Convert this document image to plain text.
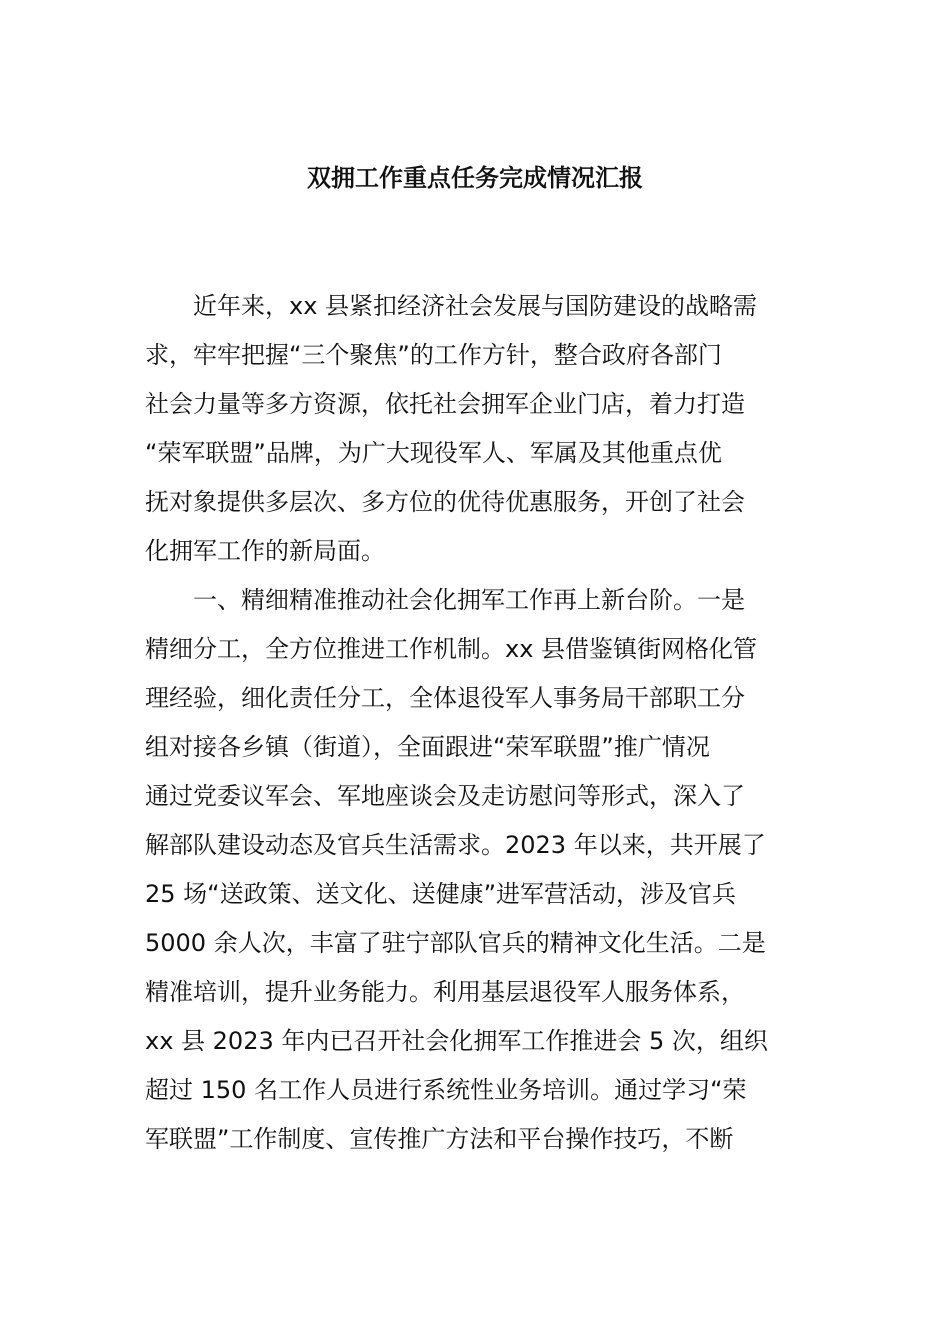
双拥工作重点任务完成情况汇报
近年来，xx 县紧扣经济社会发展与国防建设的战略需
求，牢牢把握“三个聚焦”的工作方针，整合政府各部门
社会力量等多方资源，依托社会拥军企业门店，着力打造
“荣军联盟”品牌，为广大现役军人、军属及其他重点优
抚对象提供多层次、多方位的优待优惠服务，开创了社会
化拥军工作的新局面。
一、精细精准推动社会化拥军工作再上新台阶。一是
精细分工，全方位推进工作机制。xx 县借鉴镇街网格化管
理经验，细化责任分工，全体退役军人事务局干部职工分
组对接各乡镇（街道），全面跟进“荣军联盟”推广情况
通过党委议军会、军地座谈会及走访慰问等形式，深入了
解部队建设动态及官兵生活需求。2023 年以来，共开展了
25 场“送政策、送文化、送健康”进军营活动，涉及官兵
5000 余人次，丰富了驻宁部队官兵的精神文化生活。二是
精准培训，提升业务能力。利用基层退役军人服务体系，
xx 县 2023 年内已召开社会化拥军工作推进会 5 次，组织
超过 150 名工作人员进行系统性业务培训。通过学习“荣
军联盟”工作制度、宣传推广方法和平台操作技巧，不断
